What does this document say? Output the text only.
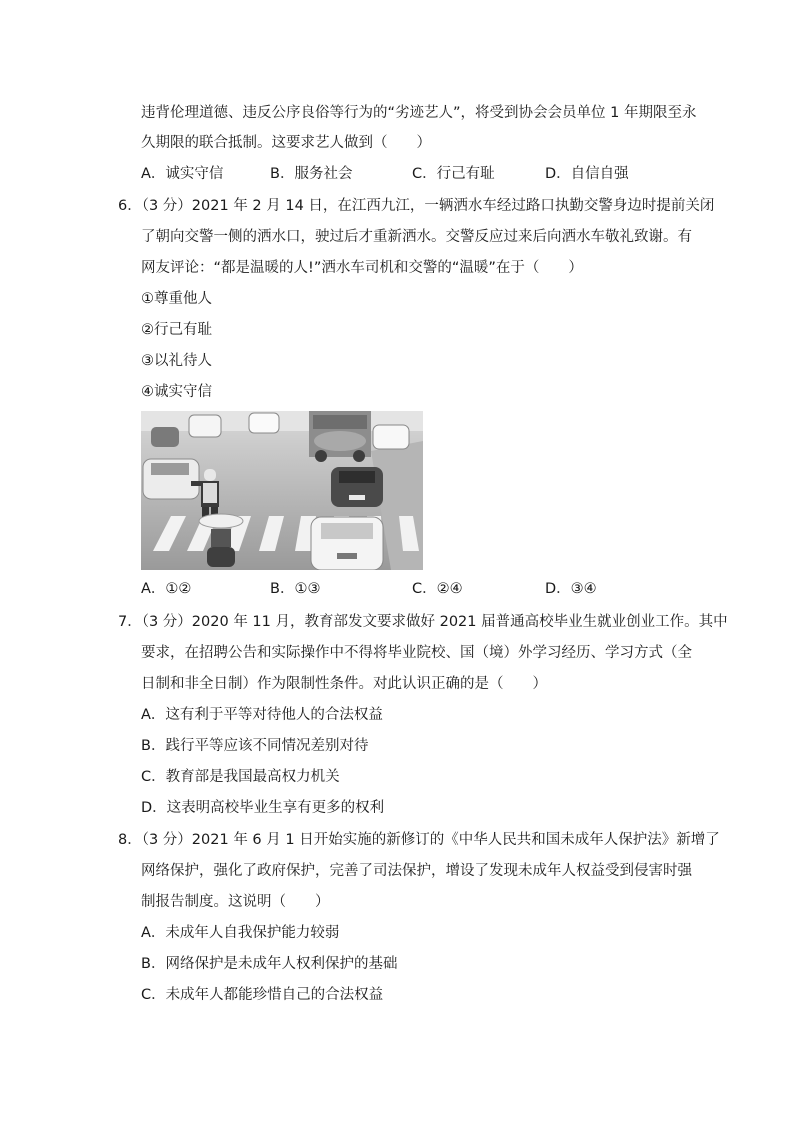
违背伦理道德、违反公序良俗等行为的“劣迹艺人”，将受到协会会员单位 1 年期限至永
久期限的联合抵制。这要求艺人做到（　　）
A．诚实守信	B．服务社会	C．行己有耻	D．自信自强
6．（3 分）2021 年 2 月 14 日，在江西九江，一辆洒水车经过路口执勤交警身边时提前关闭
了朝向交警一侧的洒水口，驶过后才重新洒水。交警反应过来后向洒水车敬礼致谢。有
网友评论：“都是温暖的人!”洒水车司机和交警的“温暖”在于（　　）
①尊重他人
②行己有耻
③以礼待人
④诚实守信
A．①②	B．①③	C．②④	D．③④
7．（3 分）2020 年 11 月，教育部发文要求做好 2021 届普通高校毕业生就业创业工作。其中
要求，在招聘公告和实际操作中不得将毕业院校、国（境）外学习经历、学习方式（全
日制和非全日制）作为限制性条件。对此认识正确的是（　　）
A．这有利于平等对待他人的合法权益
B．践行平等应该不同情况差别对待
C．教育部是我国最高权力机关
D．这表明高校毕业生享有更多的权利
8．（3 分）2021 年 6 月 1 日开始实施的新修订的《中华人民共和国未成年人保护法》新增了
网络保护，强化了政府保护，完善了司法保护，增设了发现未成年人权益受到侵害时强
制报告制度。这说明（　　）
A．未成年人自我保护能力较弱
B．网络保护是未成年人权利保护的基础
C．未成年人都能珍惜自己的合法权益
